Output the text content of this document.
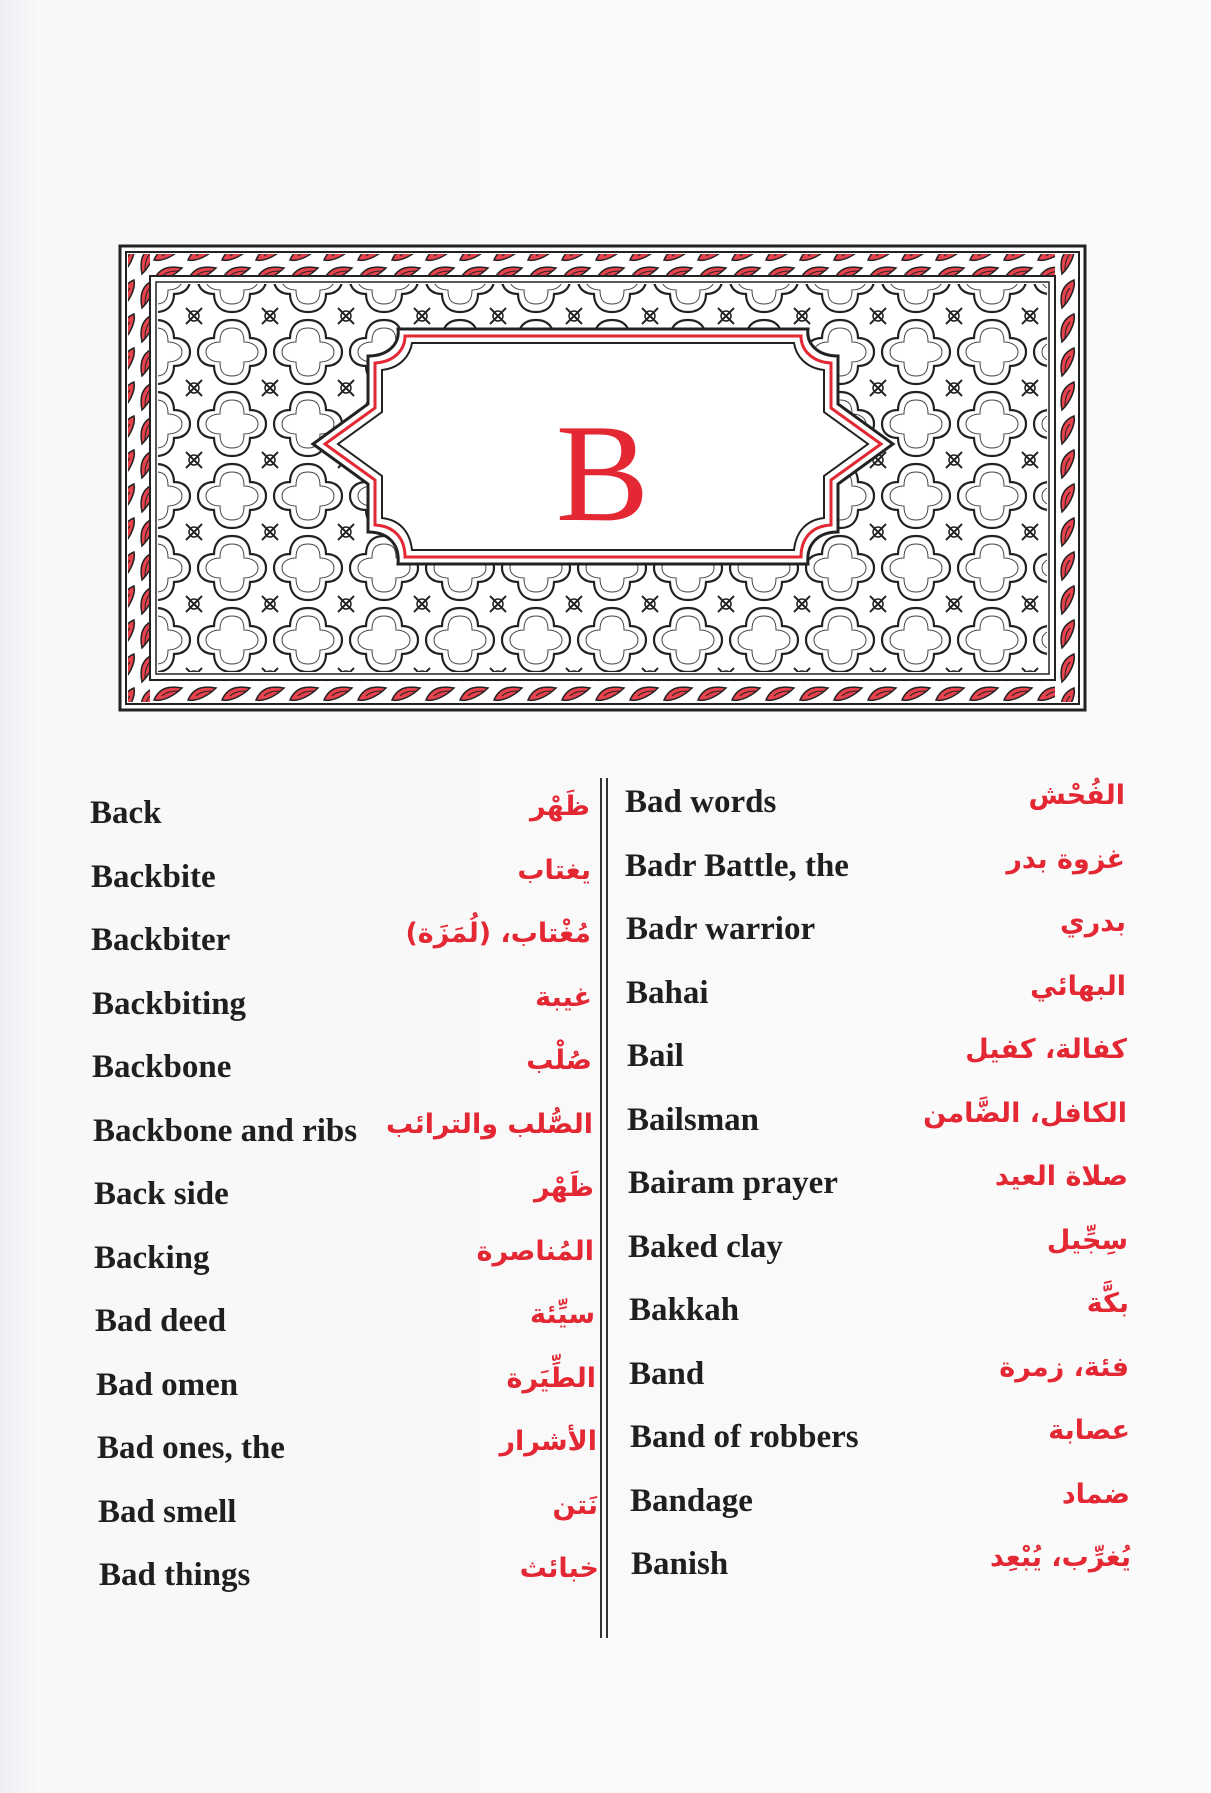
B
Back	ظَهْر
Backbite	يغتاب
Backbiter	مُغْتاب، (لُمَزَة)
Backbiting	غيبة
Backbone	صُلْب
Backbone and ribs الصُّلب والترائب
Back side	ظَهْر
Backing	المُناصرة
Bad deed	سيِّئة
Bad omen	الطِّيَرة
Bad ones, the	الأشرار
Bad smell	نَتن
Bad things	خبائث
Bad words	الفُحْش
Badr Battle, the	غزوة بدر
Badr warrior	بدري
Bahai	البهائي
Bail	كفالة، كفيل
Bailsman	الكافل، الضَّامن
Bairam prayer	صلاة العيد
Baked clay	سِجِّيل
Bakkah	بكَّة
Band	فئة، زمرة
Band of robbers	عصابة
Bandage	ضماد
Banish	يُغرِّب، يُبْعِد
